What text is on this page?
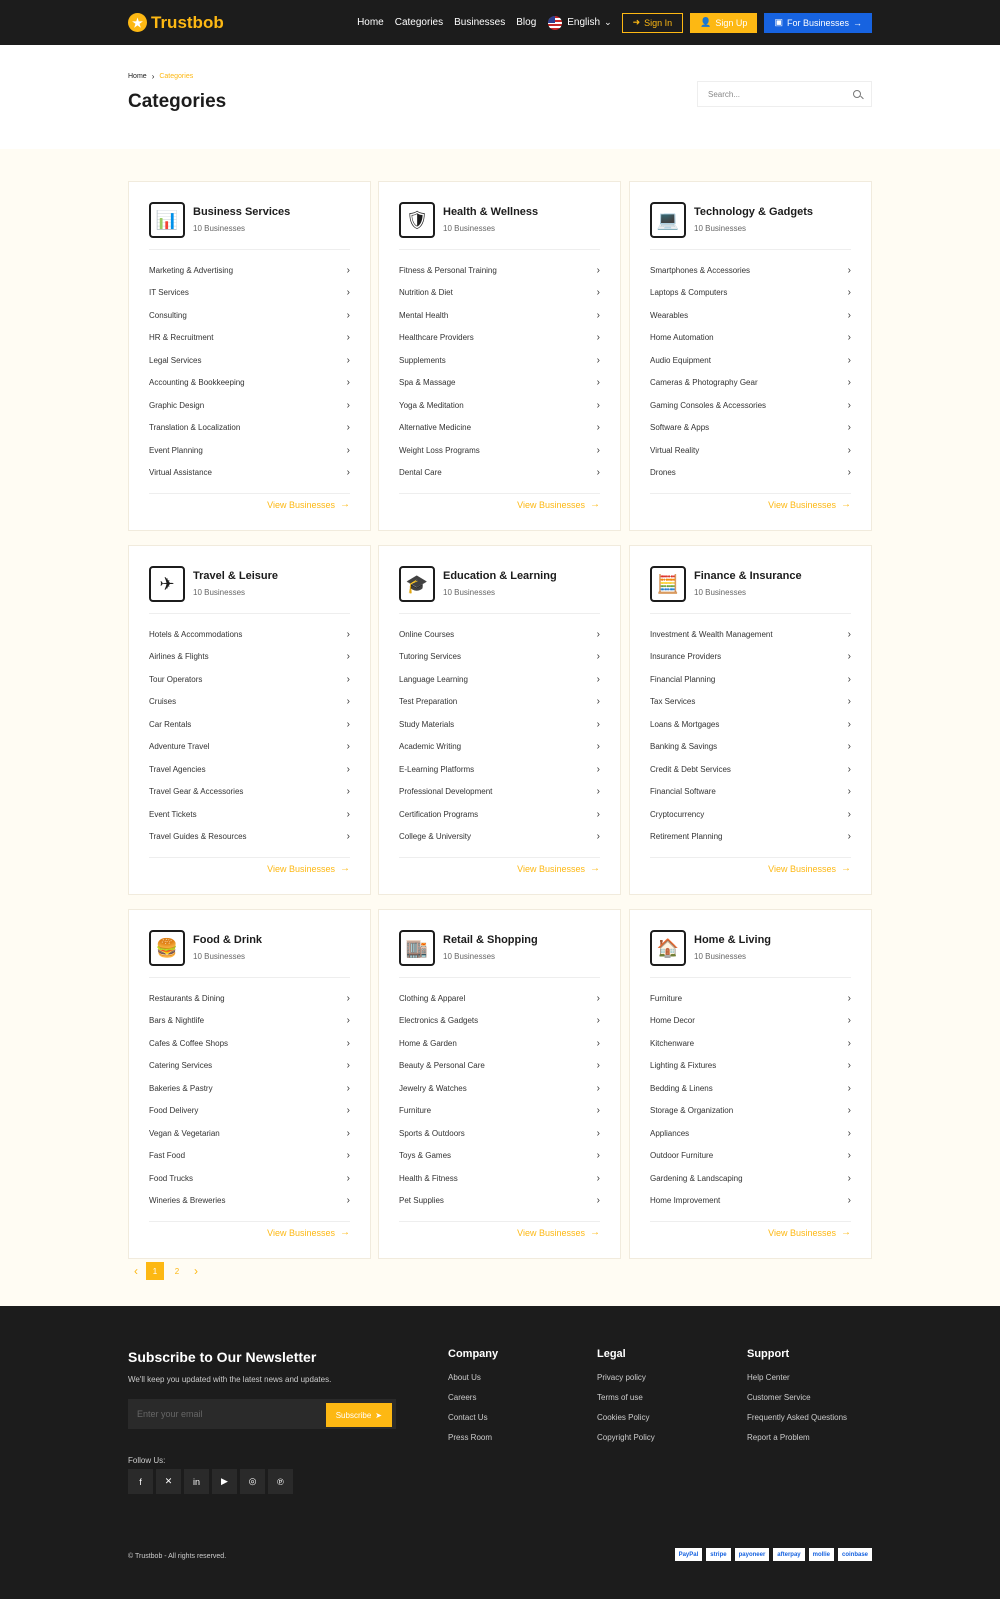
★ Trustbob	Home Categories Businesses Blog	English ⌄ ➜ Sign In	👤 Sign Up	▣ For Businesses →
Home › Categories
Categories	Search...
📊	Business Services
10 Businesses
Marketing & Advertising	›
IT Services	›
Consulting	›
HR & Recruitment	›
Legal Services	›
Accounting & Bookkeeping	›
Graphic Design	›
Translation & Localization	›
Event Planning	›
Virtual Assistance	›
View Businesses →
🛡	Health & Wellness
10 Businesses
Fitness & Personal Training	›
Nutrition & Diet	›
Mental Health	›
Healthcare Providers	›
Supplements	›
Spa & Massage	›
Yoga & Meditation	›
Alternative Medicine	›
Weight Loss Programs	›
Dental Care	›
View Businesses →
💻	Technology & Gadgets
10 Businesses
Smartphones & Accessories	›
Laptops & Computers	›
Wearables	›
Home Automation	›
Audio Equipment	›
Cameras & Photography Gear	›
Gaming Consoles & Accessories	›
Software & Apps	›
Virtual Reality	›
Drones	›
View Businesses →
✈	Travel & Leisure
10 Businesses
Hotels & Accommodations	›
Airlines & Flights	›
Tour Operators	›
Cruises	›
Car Rentals	›
Adventure Travel	›
Travel Agencies	›
Travel Gear & Accessories	›
Event Tickets	›
Travel Guides & Resources	›
View Businesses →
🎓	Education & Learning
10 Businesses
Online Courses	›
Tutoring Services	›
Language Learning	›
Test Preparation	›
Study Materials	›
Academic Writing	›
E-Learning Platforms	›
Professional Development	›
Certification Programs	›
College & University	›
View Businesses →
🧮	Finance & Insurance
10 Businesses
Investment & Wealth Management	›
Insurance Providers	›
Financial Planning	›
Tax Services	›
Loans & Mortgages	›
Banking & Savings	›
Credit & Debt Services	›
Financial Software	›
Cryptocurrency	›
Retirement Planning	›
View Businesses →
🍔	Food & Drink
10 Businesses
Restaurants & Dining	›
Bars & Nightlife	›
Cafes & Coffee Shops	›
Catering Services	›
Bakeries & Pastry	›
Food Delivery	›
Vegan & Vegetarian	›
Fast Food	›
Food Trucks	›
Wineries & Breweries	›
View Businesses →
🏬	Retail & Shopping
10 Businesses
Clothing & Apparel	›
Electronics & Gadgets	›
Home & Garden	›
Beauty & Personal Care	›
Jewelry & Watches	›
Furniture	›
Sports & Outdoors	›
Toys & Games	›
Health & Fitness	›
Pet Supplies	›
View Businesses →
🏠	Home & Living
10 Businesses
Furniture	›
Home Decor	›
Kitchenware	›
Lighting & Fixtures	›
Bedding & Linens	›
Storage & Organization	›
Appliances	›
Outdoor Furniture	›
Gardening & Landscaping	›
Home Improvement	›
View Businesses →
‹	1	2	›
Subscribe to Our Newsletter
We'll keep you updated with the latest news and updates.
Enter your email	Subscribe ➤
Follow Us:
f	✕	in	▶	◎	℗
Company
About Us
Careers
Contact Us
Press Room
Legal
Privacy policy
Terms of use
Cookies Policy
Copyright Policy
Support
Help Center
Customer Service
Frequently Asked Questions
Report a Problem
© Trustbob - All rights reserved.	PayPal	stripe	payoneer	afterpay	mollie	coinbase
